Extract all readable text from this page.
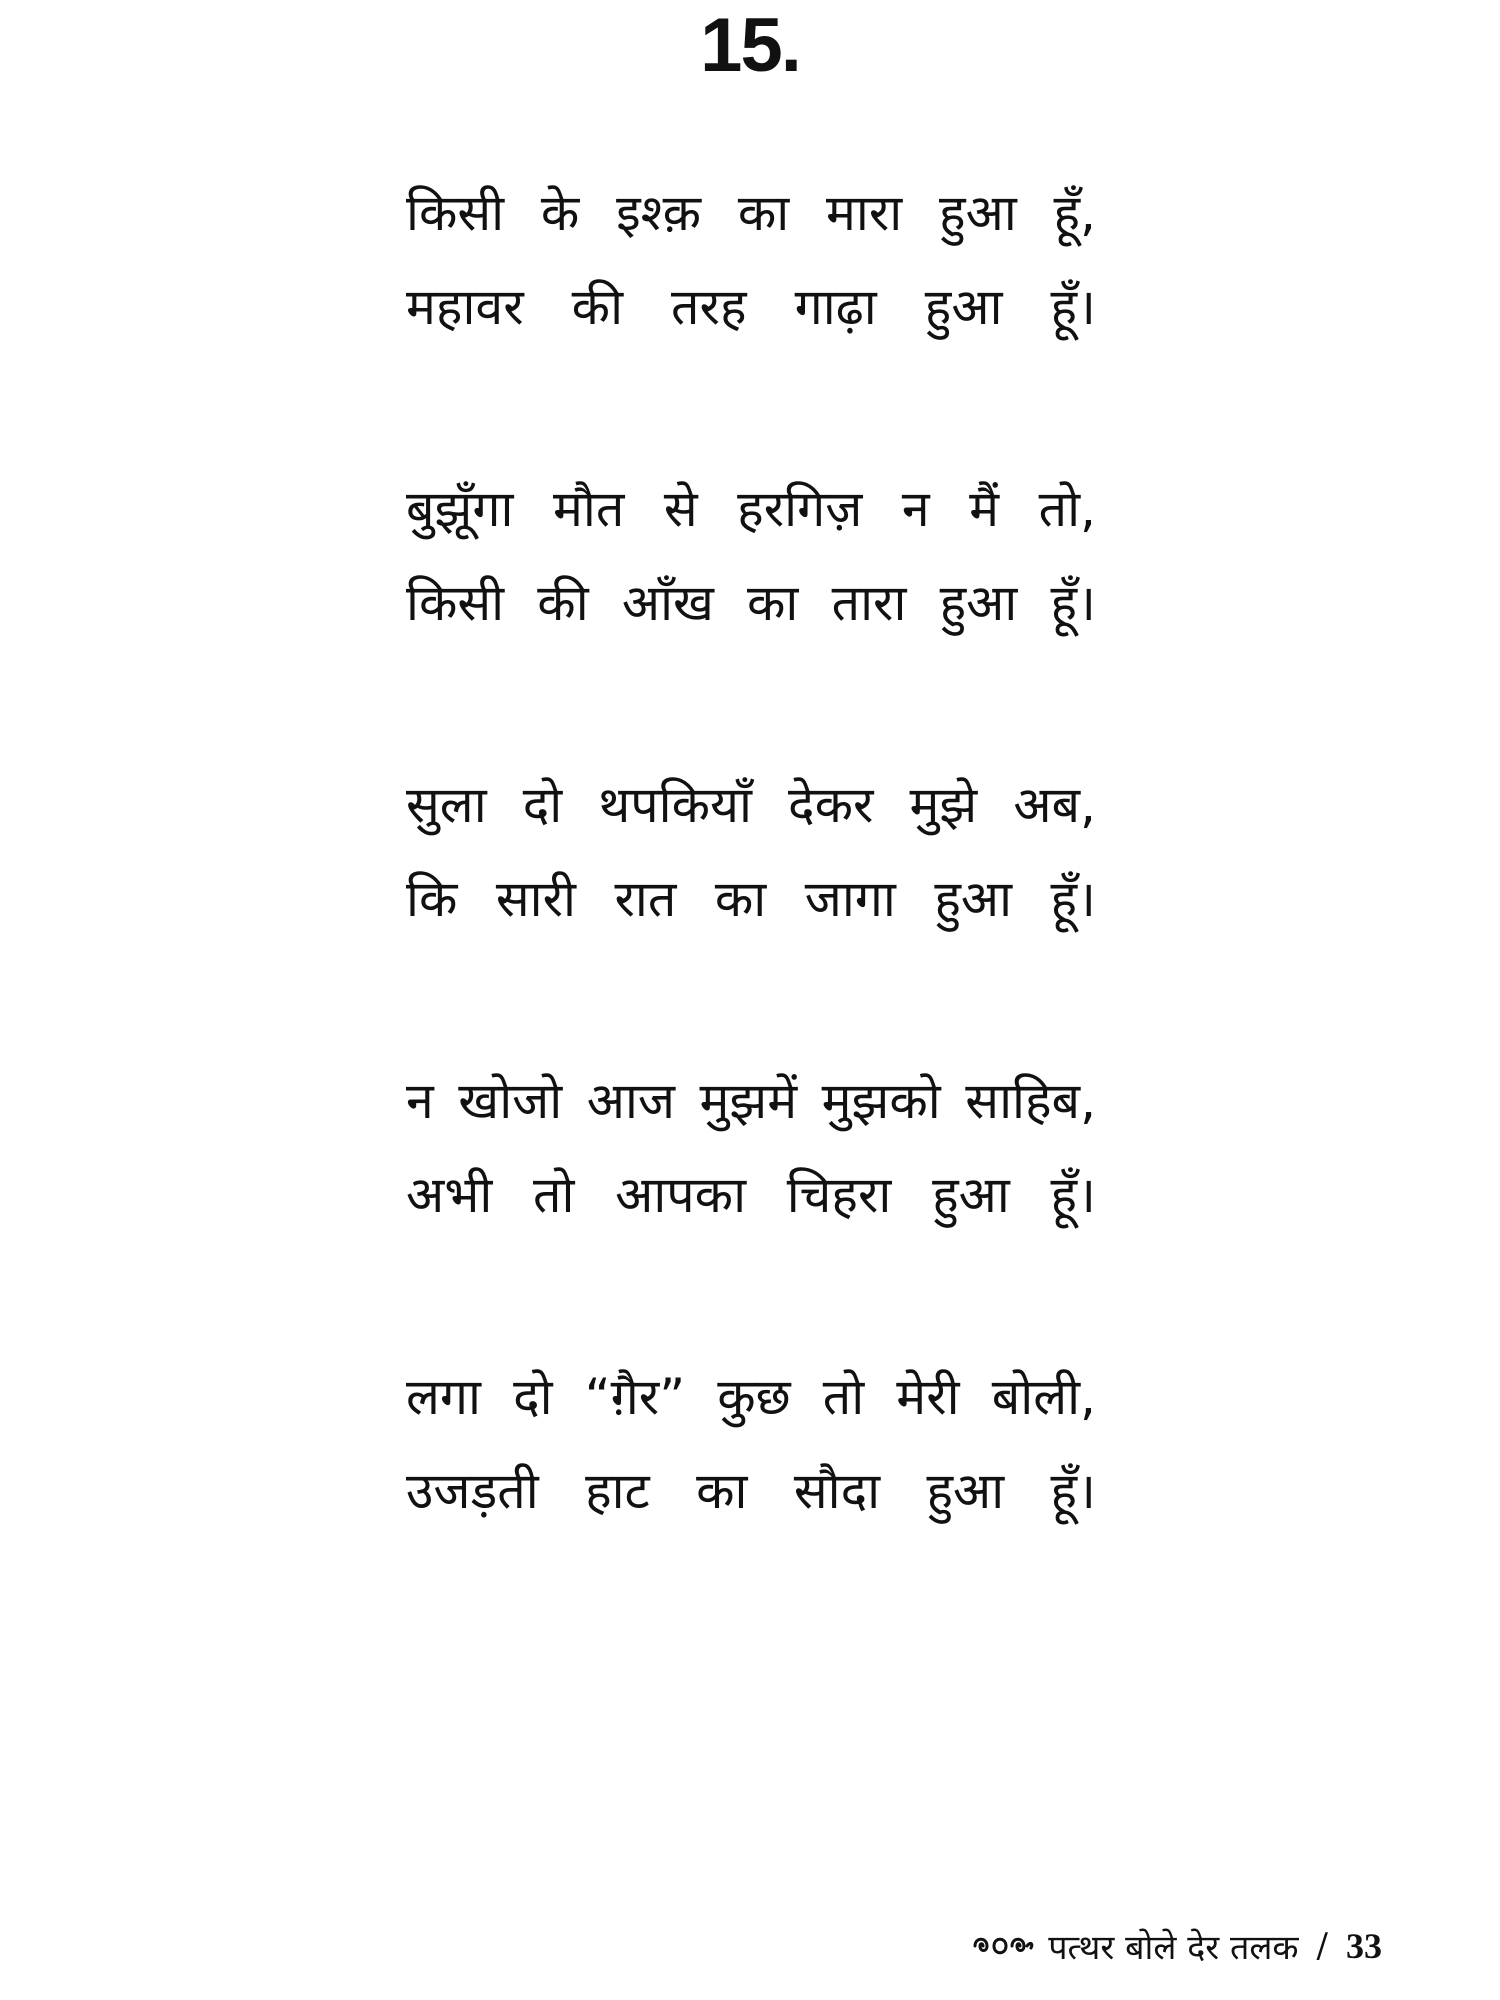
15.
किसी के इश्क़ का मारा हुआ हूँ,
महावर की तरह गाढ़ा हुआ हूँ।
बुझूँगा मौत से हरगिज़ न मैं तो,
किसी की आँख का तारा हुआ हूँ।
सुला दो थपकियाँ देकर मुझे अब,
कि सारी रात का जागा हुआ हूँ।
न खोजो आज मुझमें मुझको साहिब,
अभी तो आपका चिहरा हुआ हूँ।
लगा दो “ग़ैर” कुछ तो मेरी बोली,
उजड़ती हाट का सौदा हुआ हूँ।
पत्थर बोले देर तलक / 33
